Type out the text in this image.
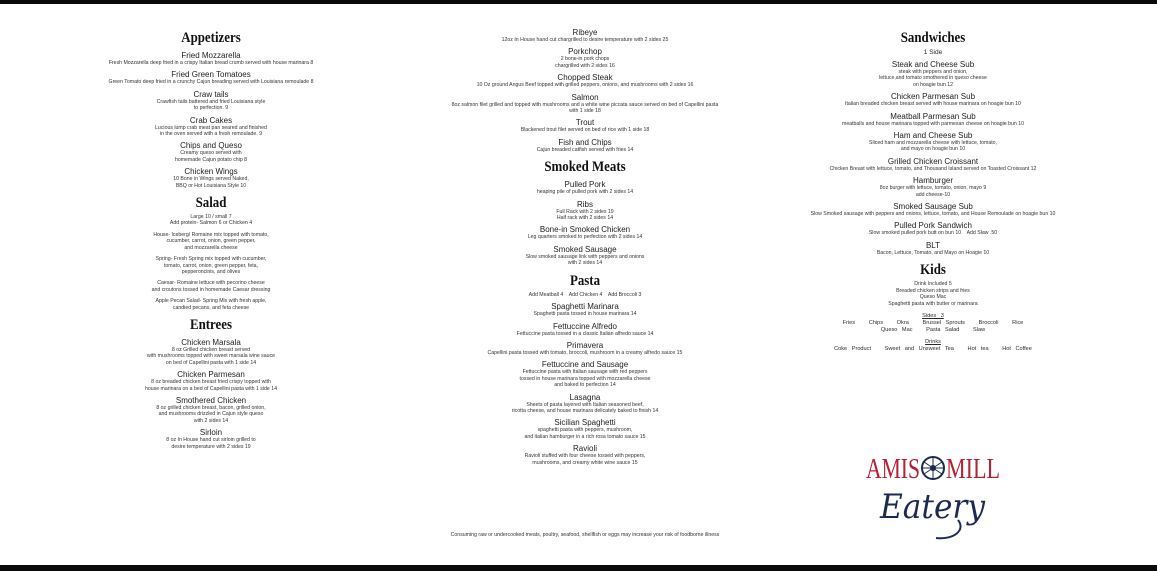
Appetizers
Fried Mozzarella
Fresh Mozzarella deep fried in a crispy Italian bread crumb served with house marinara 8
Fried Green Tomatoes
Green Tomato deep fried in a crunchy Cajun breading served with Louisiana remoulade 8
Craw tails
Crawfish tails battered and fried Louisiana style
to perfection. 9
Crab Cakes
Lucious lump crab meat pan seared and finished
in the oven served with a fresh remoulade. 9
Chips and Queso
Creamy queso served with
homemade Cajun potato chip 8
Chicken Wings
10 Bone in Wings served Naked,
BBQ or Hot Louisiana Style 10
Salad
Large 10 / small 7
Add protein- Salmon 6 or Chicken 4
House- Iceberg/ Romaine mix topped with tomato,
cucumber, carrot, onion, green pepper,
and mozzarella cheese
Spring- Fresh Spring mix topped with cucumber,
tomato, carrot, onion, green pepper, feta,
pepperoncinis, and olives
Caesar- Romaine lettuce with pecorino cheese
and croutons tossed in homemade Caesar dressing
Apple Pecan Salad- Spring Mix with fresh apple,
candied pecans, and feta cheese
Entrees
Chicken Marsala
8 oz Grilled chicken breast served
with mushrooms topped with sweet marsala wine sauce
on bed of Capellini pasta with 1 side 14
Chicken Parmesan
8 oz breaded chicken breast fried crispy topped with
house marinara on a bed of Capellini pasta with 1 side 14
Smothered Chicken
8 oz grilled chicken breast, bacon, grilled onion,
and mushrooms drizzled in Cajun style queso
with 2 sides 14
Sirloin
8 oz In House hand cut sirloin grilled to
desire temperature with 2 sides 19
Ribeye
12oz In House hand cut chargrilled to desire temperature with 2 sides 25
Porkchop
2 bone-in pork chops
chargrilled with 2 sides 16
Chopped Steak
10 Oz ground Angus Beef topped with grilled peppers, onions, and mushrooms with 2 sides 16
Salmon
8oz salmon filet grilled and topped with mushrooms and a white wine piccata sauce served on bed of Capellini pasta
with 1 side 18
Trout
Blackened trout filet served on bed of rice with 1 side 18
Fish and Chips
Cajun breaded catfish served with fries 14
Smoked Meats
Pulled Pork
heaping pile of pulled pork with 2 sides 14
Ribs
Full Rack with 2 sides 19
Half rack with 2 sides 14
Bone-in Smoked Chicken
Leg quarters smoked to perfection with 2 sides 14
Smoked Sausage
Slow smoked sausage link with peppers and onions
with 2 sides 14
Pasta
Add Meatball 4    Add Chicken 4    Add Broccoli 3
Spaghetti Marinara
Spaghetti pasta tossed in house marinara 14
Fettuccine Alfredo
Fettuccine pasta tossed in a classic Italian alfredo sauce 14
Primavera
Capellini pasta tossed with tomato, broccoli, mushroom in a creamy alfredo sauce 15
Fettuccine and Sausage
Fettuccine pasta with Italian sausage with red peppers
tossed in house marinara topped with mozzarella cheese
and baked to perfection 14
Lasagna
Sheets of pasta layered with Italian seasoned beef,
ricotta cheese, and house marinara delicately baked to finish 14
Sicilian Spaghetti
spaghetti pasta with peppers, mushroom,
and italian hamburger in a rich rosa tomato sauce 15
Ravioli
Ravioli stuffed with four cheese tossed with peppers,
mushrooms, and creamy white wine sauce 15
Sandwiches
1 Side
Steak and Cheese Sub
steak with peppers and onion,
lettuce,and tomato smothered in queso cheese
on hoagie bun 12
Chicken Parmesan Sub
Italian breaded chicken breast served with house marinara on hoagie bun 10
Meatball Parmesan Sub
meatballs and house marinara topped with parmesan cheese on hoagie bun 10
Ham and Cheese Sub
Sliced ham and mozzarella cheese with lettuce, tomato,
and mayo on hoagie bun 10
Grilled Chicken Croissant
Chicken Breast with lettuce, tomato, and Thousand Island served on Toasted Croissant 12
Hamburger
8oz burger with lettuce, tomato, onion, mayo 9
add cheese-10
Smoked Sausage Sub
Slow Smoked sausage with peppers and onions, lettuce, tomato, and House Remoulade on hoagie bun 10
Pulled Pork Sandwich
Slow smoked pulled pork butt on bun 10    Add Slaw .50
BLT
Bacon, Lettuce, Tomato, and Mayo on Hoagie 10
Kids
Drink Included 5
Breaded chicken strips and fries
Queso Mac
Spaghetti pasta with butter or marinara
Sides 3
Fries   Chips   Okra   Brussel Sprouts   Broccoli   Rice
Queso Mac   Pasta Salad   Slaw
Drinks
Coke Product   Sweet and Unsweet Tea   Hot tea   Hot Coffee
Consuming raw or undercooked meats, poultry, seafood, shellfish or eggs may increase your risk of foodborne illness
AMIS MILL
Eatery
